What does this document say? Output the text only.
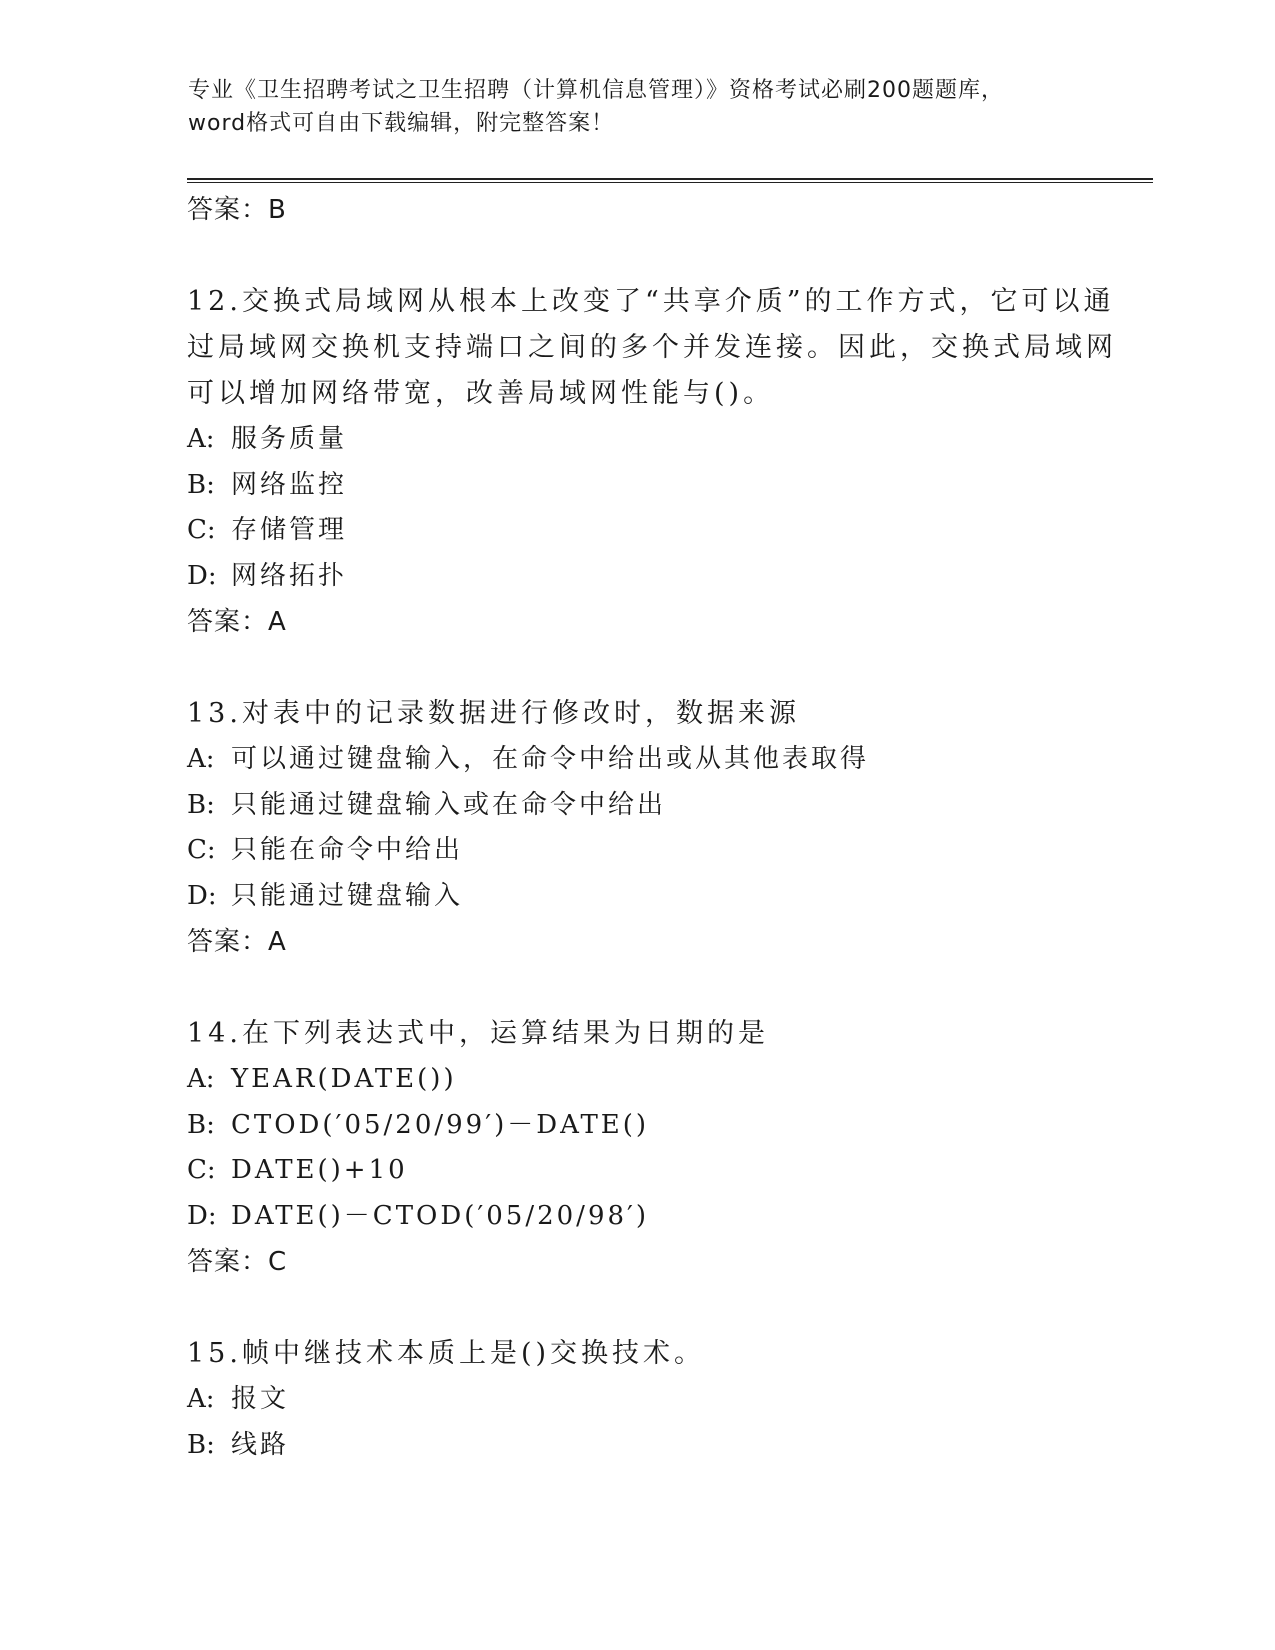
专业《卫生招聘考试之卫生招聘（计算机信息管理）》资格考试必刷200题题库，
word格式可自由下载编辑，附完整答案！
答案：B
12.交换式局域网从根本上改变了“共享介质”的工作方式，它可以通
过局域网交换机支持端口之间的多个并发连接。因此，交换式局域网
可以增加网络带宽，改善局域网性能与()。
A: 服务质量
B: 网络监控
C: 存储管理
D: 网络拓扑
答案：A
13.对表中的记录数据进行修改时，数据来源
A: 可以通过键盘输入，在命令中给出或从其他表取得
B: 只能通过键盘输入或在命令中给出
C: 只能在命令中给出
D: 只能通过键盘输入
答案：A
14.在下列表达式中，运算结果为日期的是
A: YEAR(DATE())
B: CTOD(′05/20/99′)－DATE()
C: DATE()+10
D: DATE()－CTOD(′05/20/98′)
答案：C
15.帧中继技术本质上是()交换技术。
A: 报文
B: 线路
